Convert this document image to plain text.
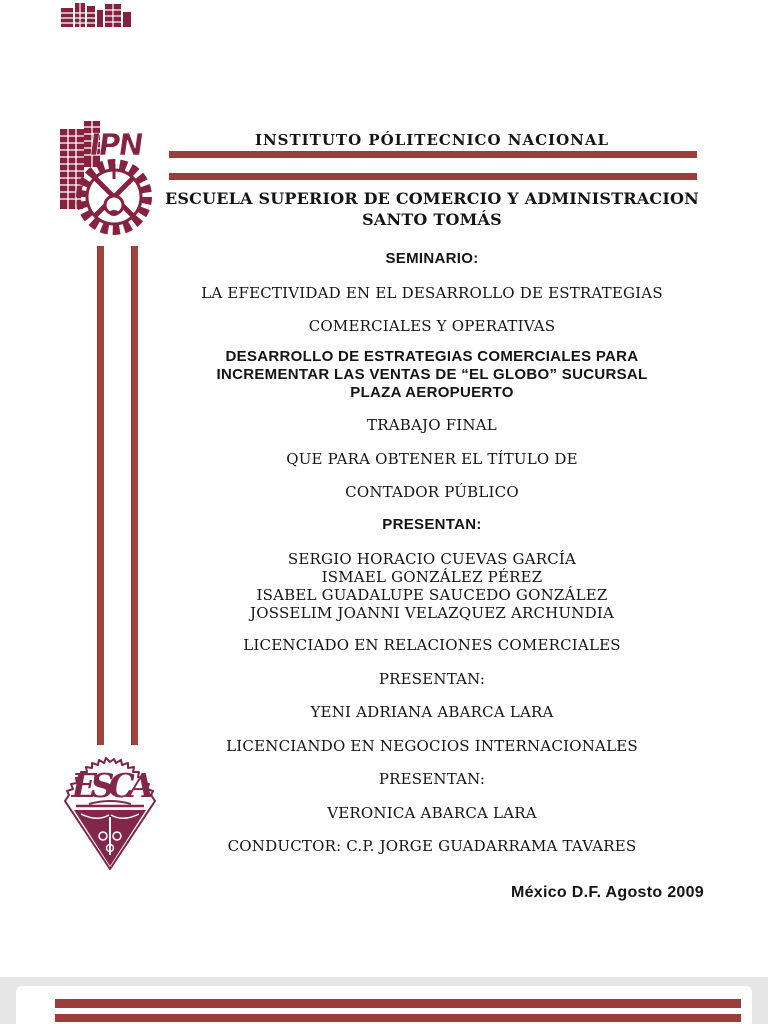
IPN	INSTITUTO PÓLITECNICO NACIONAL
ESCUELA SUPERIOR DE COMERCIO Y ADMINISTRACION
SANTO TOMÁS
SEMINARIO:
LA EFECTIVIDAD EN EL DESARROLLO DE ESTRATEGIAS
COMERCIALES Y OPERATIVAS
DESARROLLO DE ESTRATEGIAS COMERCIALES PARA
INCREMENTAR LAS VENTAS DE “EL GLOBO” SUCURSAL
PLAZA AEROPUERTO
TRABAJO FINAL
QUE PARA OBTENER EL TÍTULO DE
CONTADOR PÚBLICO
PRESENTAN:
SERGIO HORACIO CUEVAS GARCÍA
ISMAEL GONZÁLEZ PÉREZ
ISABEL GUADALUPE SAUCEDO GONZÁLEZ
JOSSELIM JOANNI VELAZQUEZ ARCHUNDIA
LICENCIADO EN RELACIONES COMERCIALES
PRESENTAN:
YENI ADRIANA ABARCA LARA
LICENCIANDO EN NEGOCIOS INTERNACIONALES
PRESENTAN:
VERONICA ABARCA LARA
CONDUCTOR: C.P. JORGE GUADARRAMA TAVARES
ESCA
México D.F. Agosto 2009
